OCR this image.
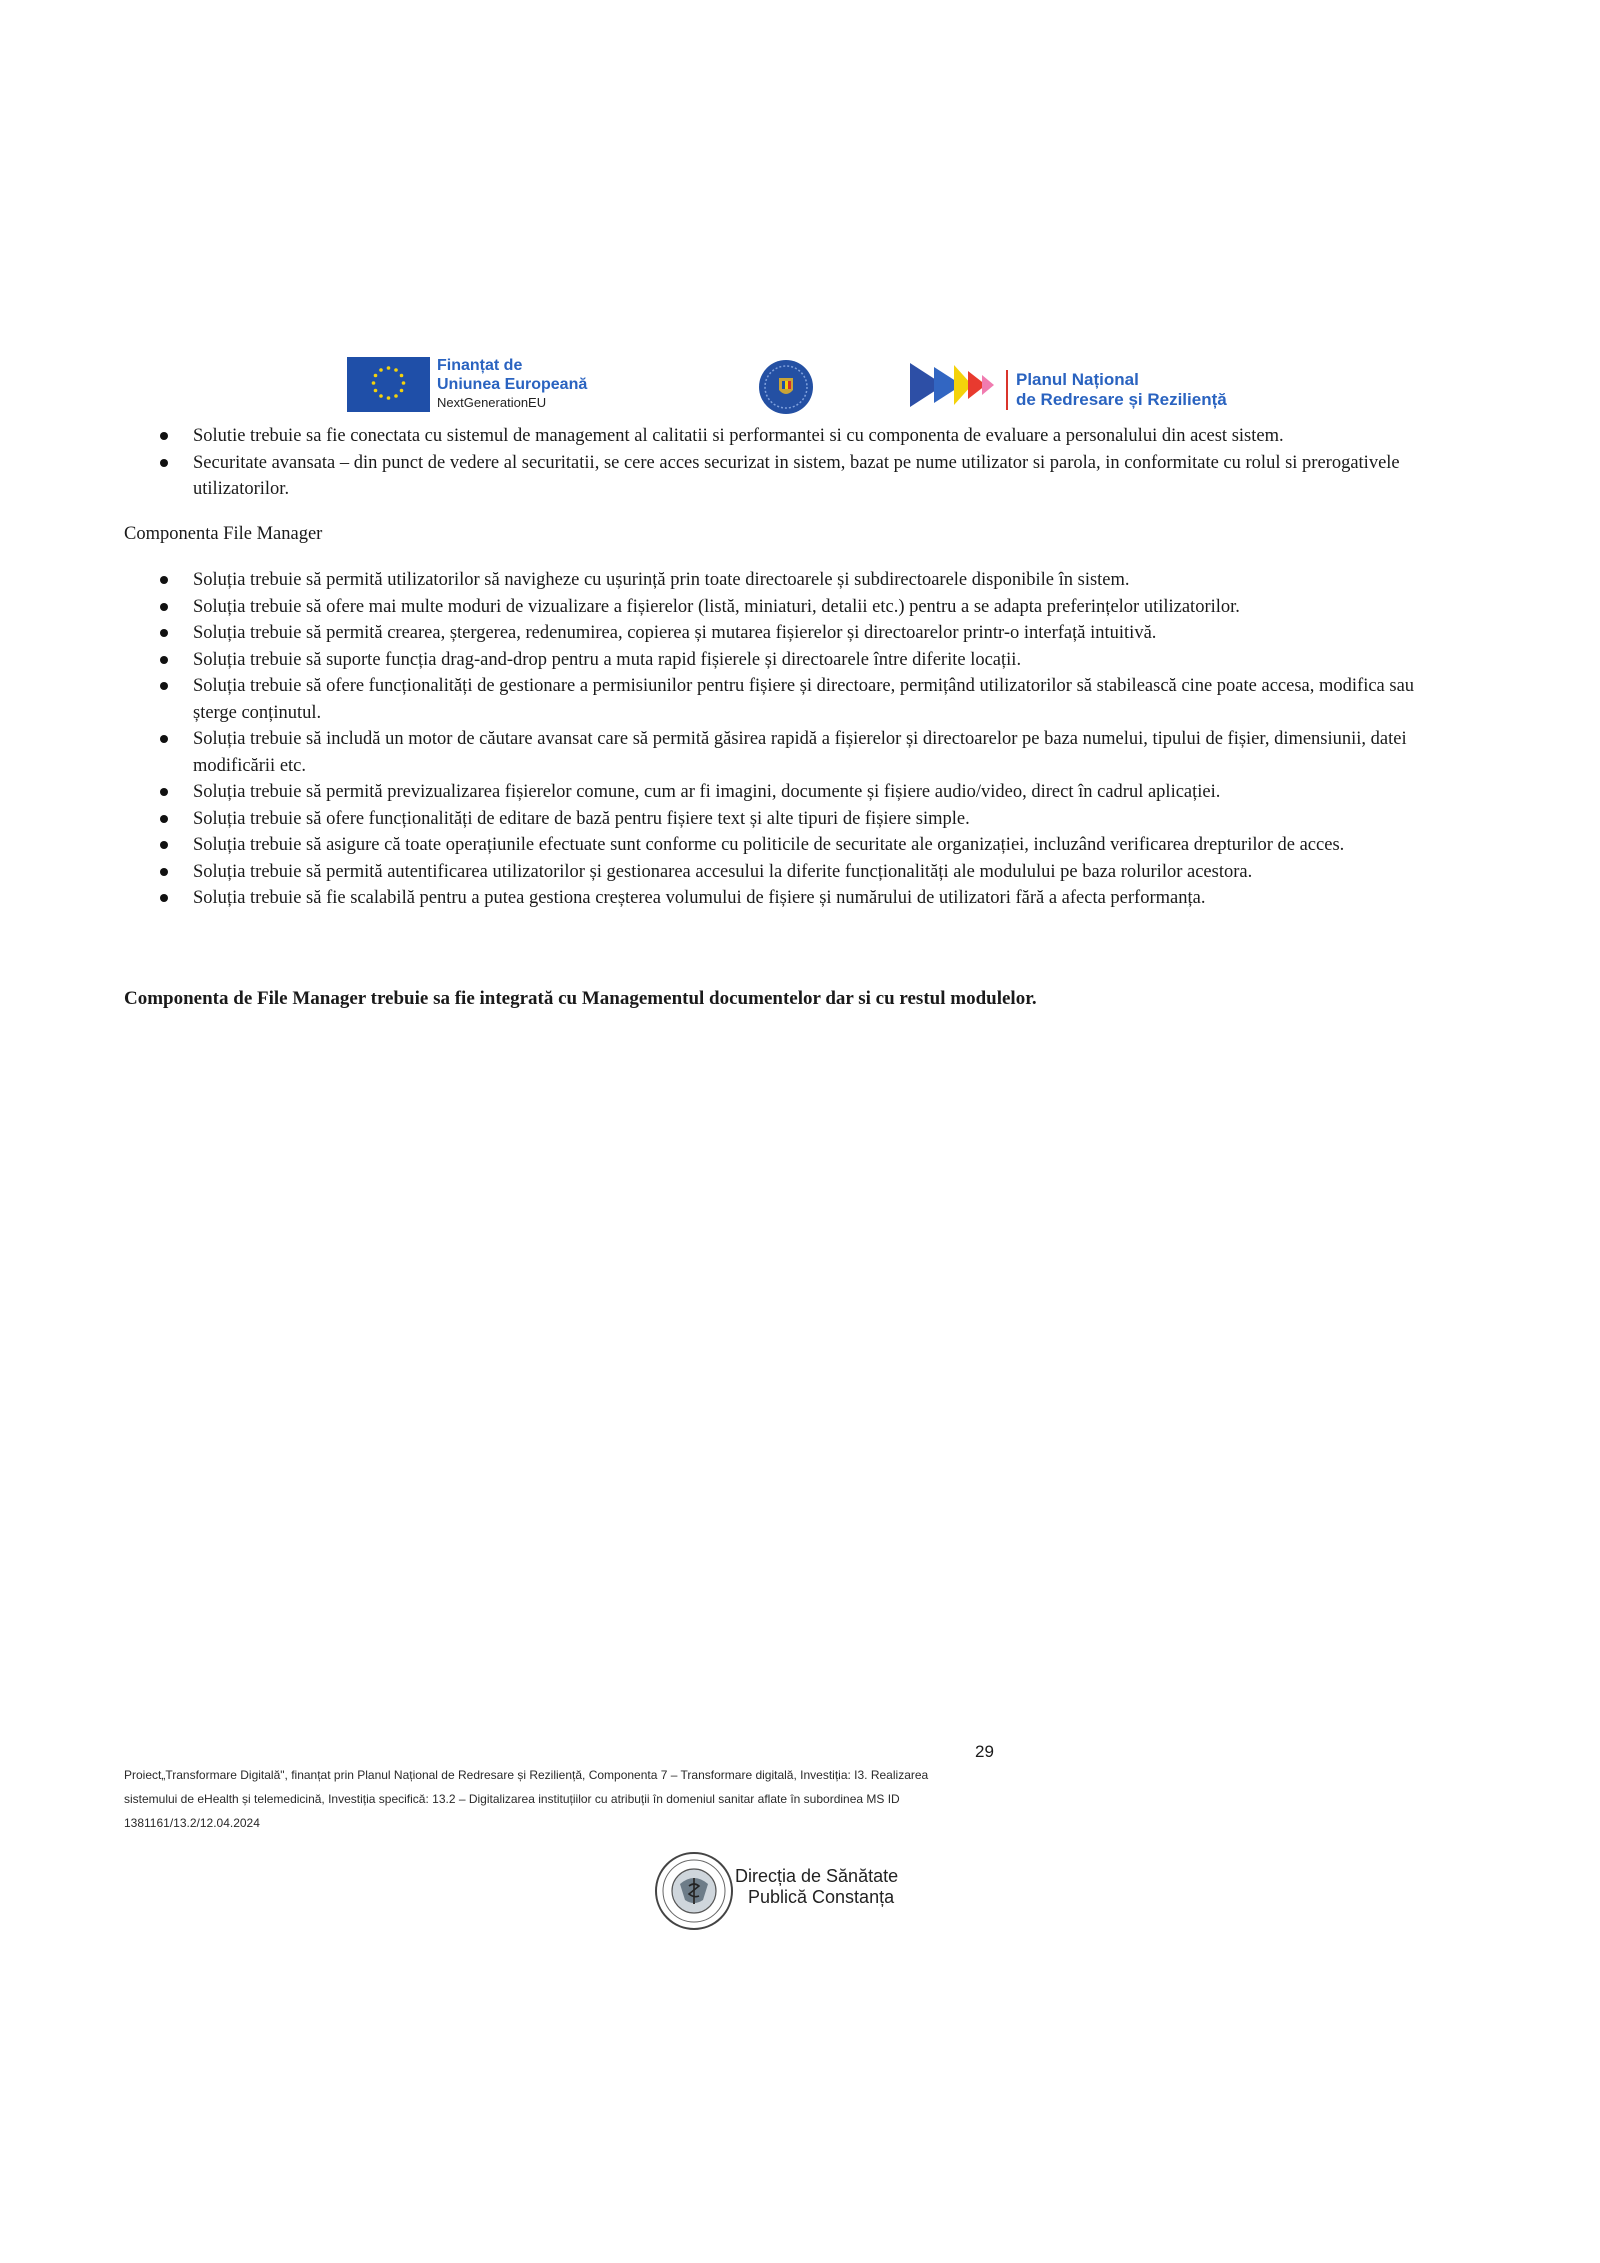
Finanțat de
Uniunea Europeană
NextGenerationEU
Planul Național
de Redresare și Reziliență
Solutie trebuie sa fie conectata cu sistemul de management al calitatii si performantei si cu componenta de evaluare a personalului din acest sistem.
Securitate avansata – din punct de vedere al securitatii, se cere acces securizat in sistem, bazat pe nume utilizator si parola, in conformitate cu rolul si prerogativele utilizatorilor.
Componenta File Manager
Soluția trebuie să permită utilizatorilor să navigheze cu ușurință prin toate directoarele și subdirectoarele disponibile în sistem.
Soluția trebuie să ofere mai multe moduri de vizualizare a fișierelor (listă, miniaturi, detalii etc.) pentru a se adapta preferințelor utilizatorilor.
Soluția trebuie să permită crearea, ștergerea, redenumirea, copierea și mutarea fișierelor și directoarelor printr-o interfață intuitivă.
Soluția trebuie să suporte funcția drag-and-drop pentru a muta rapid fișierele și directoarele între diferite locații.
Soluția trebuie să ofere funcționalități de gestionare a permisiunilor pentru fișiere și directoare, permițând utilizatorilor să stabilească cine poate accesa, modifica sau șterge conținutul.
Soluția trebuie să includă un motor de căutare avansat care să permită găsirea rapidă a fișierelor și directoarelor pe baza numelui, tipului de fișier, dimensiunii, datei modificării etc.
Soluția trebuie să permită previzualizarea fișierelor comune, cum ar fi imagini, documente și fișiere audio/video, direct în cadrul aplicației.
Soluția trebuie să ofere funcționalități de editare de bază pentru fișiere text și alte tipuri de fișiere simple.
Soluția trebuie să asigure că toate operațiunile efectuate sunt conforme cu politicile de securitate ale organizației, incluzând verificarea drepturilor de acces.
Soluția trebuie să permită autentificarea utilizatorilor și gestionarea accesului la diferite funcționalități ale modulului pe baza rolurilor acestora.
Soluția trebuie să fie scalabilă pentru a putea gestiona creșterea volumului de fișiere și numărului de utilizatori fără a afecta performanța.

Componenta de File Manager trebuie sa fie integrată cu Managementul documentelor dar si cu restul modulelor.

29

Proiect„Transformare Digitală", finanțat prin Planul Național de Redresare și Reziliență, Componenta 7 – Transformare digitală, Investiția: I3. Realizarea sistemului de eHealth și telemedicină, Investiția specifică: 13.2 – Digitalizarea instituțiilor cu atribuții în domeniul sanitar aflate în subordinea MS ID 1381161/13.2/12.04.2024

Direcția de Sănătate
Publică Constanța
